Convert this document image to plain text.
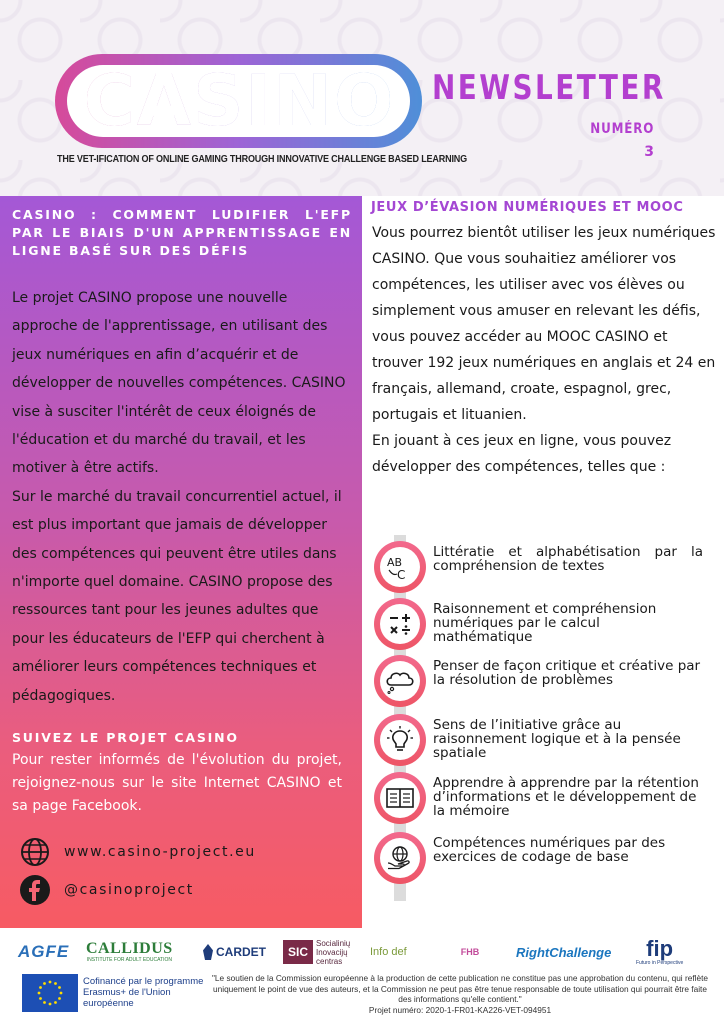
CASINO
THE VET-IFICATION OF ONLINE GAMING THROUGH INNOVATIVE CHALLENGE BASED LEARNING
NEWSLETTER
NUMÉRO
3
CASINO : COMMENT LUDIFIER L'EFP PAR LE BIAIS D'UN APPRENTISSAGE EN LIGNE BASÉ SUR DES DÉFIS

Le projet CASINO propose une nouvelle approche de l'apprentissage, en utilisant des jeux numériques en afin d’acquérir et de développer de nouvelles compétences. CASINO vise à susciter l'intérêt de ceux éloignés de l'éducation et du marché du travail, et les motiver à être actifs.

Sur le marché du travail concurrentiel actuel, il est plus important que jamais de développer des compétences qui peuvent être utiles dans n'importe quel domaine. CASINO propose des ressources tant pour les jeunes adultes que pour les éducateurs de l'EFP qui cherchent à améliorer leurs compétences techniques et pédagogiques.

SUIVEZ LE PROJET CASINO

Pour rester informés de l'évolution du projet, rejoignez-nous sur le site Internet CASINO et sa page Facebook.

www.casino-project.eu
@casinoproject
JEUX D’ÉVASION NUMÉRIQUES ET MOOC

Vous pourrez bientôt utiliser les jeux numériques CASINO. Que vous souhaitiez améliorer vos compétences, les utiliser avec vos élèves ou simplement vous amuser en relevant les défis, vous pouvez accéder au MOOC CASINO et trouver 192 jeux numériques en anglais et 24 en français, allemand, croate, espagnol, grec, portugais et lituanien.

En jouant à ces jeux en ligne, vous pouvez développer des compétences, telles que :

AB
C
Littératie et alphabétisation par la compréhension de textes
Raisonnement et compréhension numériques par le calcul mathématique
Penser de façon critique et créative par la résolution de problèmes
Sens de l’initiative grâce au raisonnement logique et à la pensée spatiale
Apprendre à apprendre par la rétention d’informations et le développement de la mémoire
Compétences numériques par des exercices de codage de base
AGFE CALLIDUS
INSTITUTE FOR ADULT EDUCATION
CARDET	SIC
Socialinių Inovacijų centras
Info def	FHB	RightChallenge fip
Futuro in Perspective
Cofinancé par le programme Erasmus+ de l'Union européenne

"Le soutien de la Commission européenne à la production de cette publication ne constitue pas une approbation du contenu, qui reflète uniquement le point de vue des auteurs, et la Commission ne peut pas être tenue responsable de toute utilisation qui pourrait être faite des informations qu'elle contient."

Projet numéro: 2020-1-FR01-KA226-VET-094951
